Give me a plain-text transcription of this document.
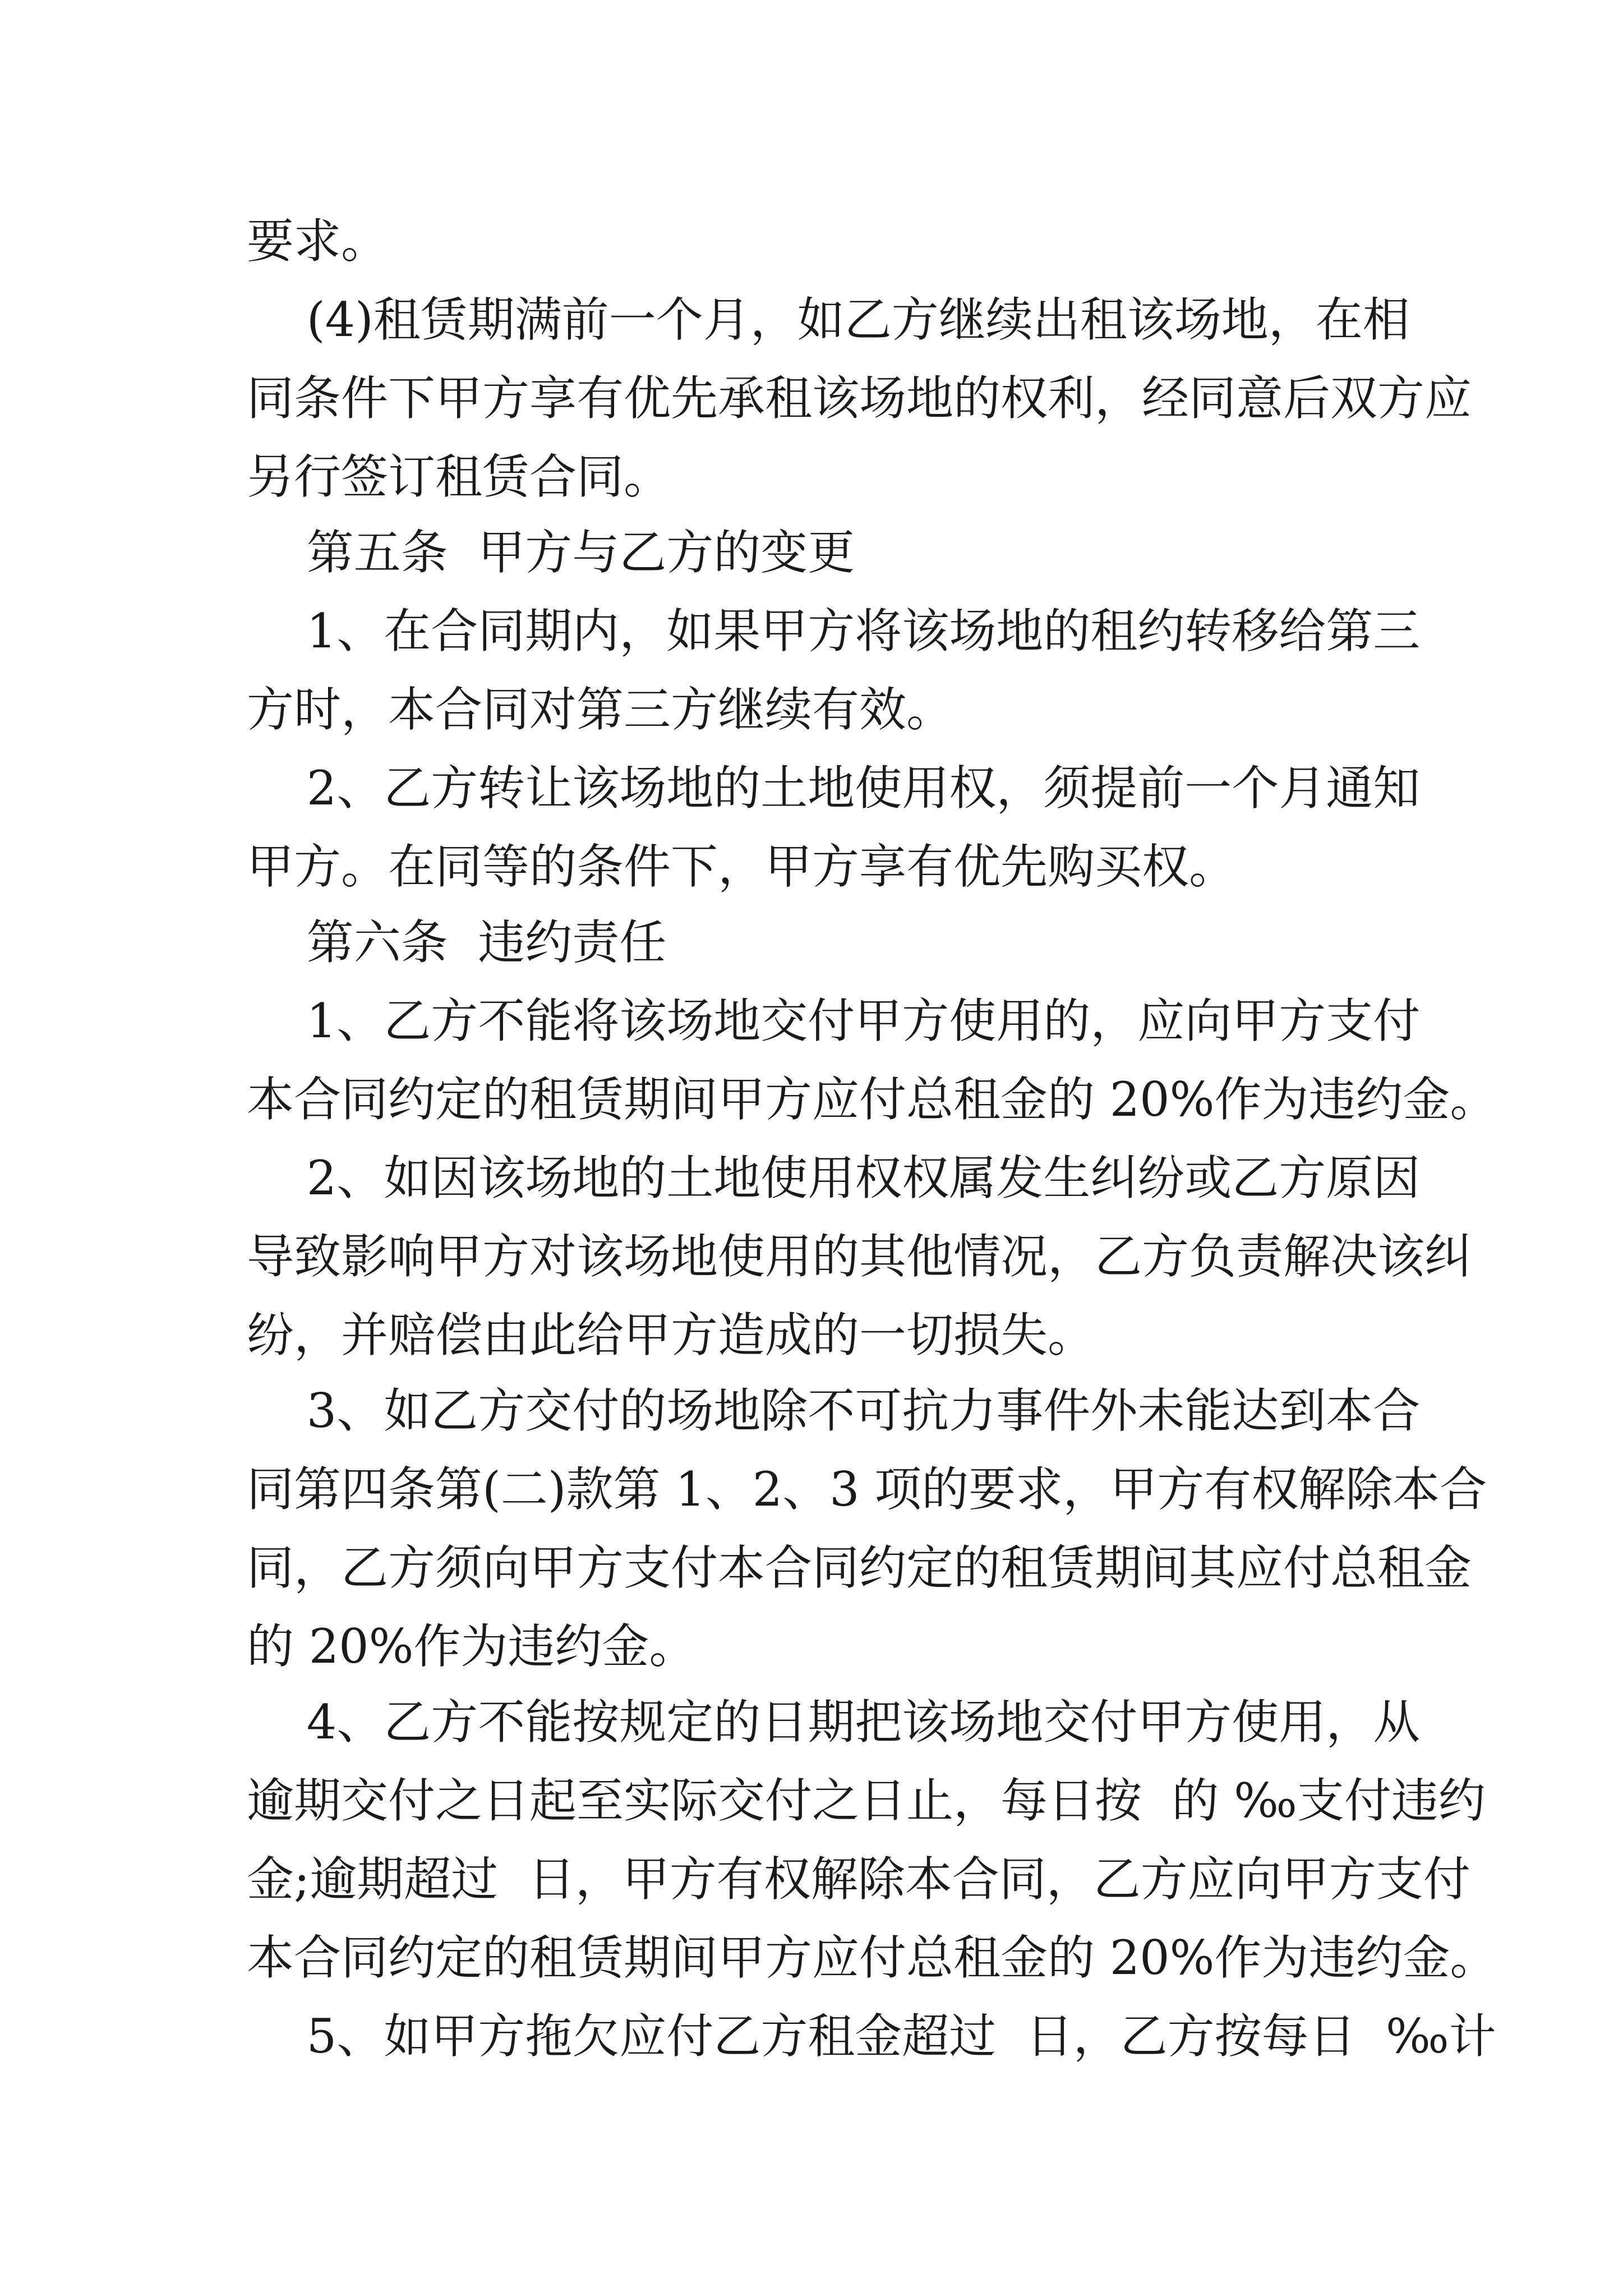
要求。
(4)租赁期满前一个月，如乙方继续出租该场地，在相
同条件下甲方享有优先承租该场地的权利，经同意后双方应
另行签订租赁合同。
第五条  甲方与乙方的变更
1、在合同期内，如果甲方将该场地的租约转移给第三
方时，本合同对第三方继续有效。
2、乙方转让该场地的土地使用权，须提前一个月通知
甲方。在同等的条件下，甲方享有优先购买权。
第六条  违约责任
1、乙方不能将该场地交付甲方使用的，应向甲方支付
本合同约定的租赁期间甲方应付总租金的 20%作为违约金。
2、如因该场地的土地使用权权属发生纠纷或乙方原因
导致影响甲方对该场地使用的其他情况，乙方负责解决该纠
纷，并赔偿由此给甲方造成的一切损失。
3、如乙方交付的场地除不可抗力事件外未能达到本合
同第四条第(二)款第 1、2、3 项的要求，甲方有权解除本合
同，乙方须向甲方支付本合同约定的租赁期间其应付总租金
的 20%作为违约金。
4、乙方不能按规定的日期把该场地交付甲方使用，从
逾期交付之日起至实际交付之日止，每日按  的 ‰支付违约
金;逾期超过  日，甲方有权解除本合同，乙方应向甲方支付
本合同约定的租赁期间甲方应付总租金的 20%作为违约金。
5、如甲方拖欠应付乙方租金超过  日，乙方按每日  ‰计
